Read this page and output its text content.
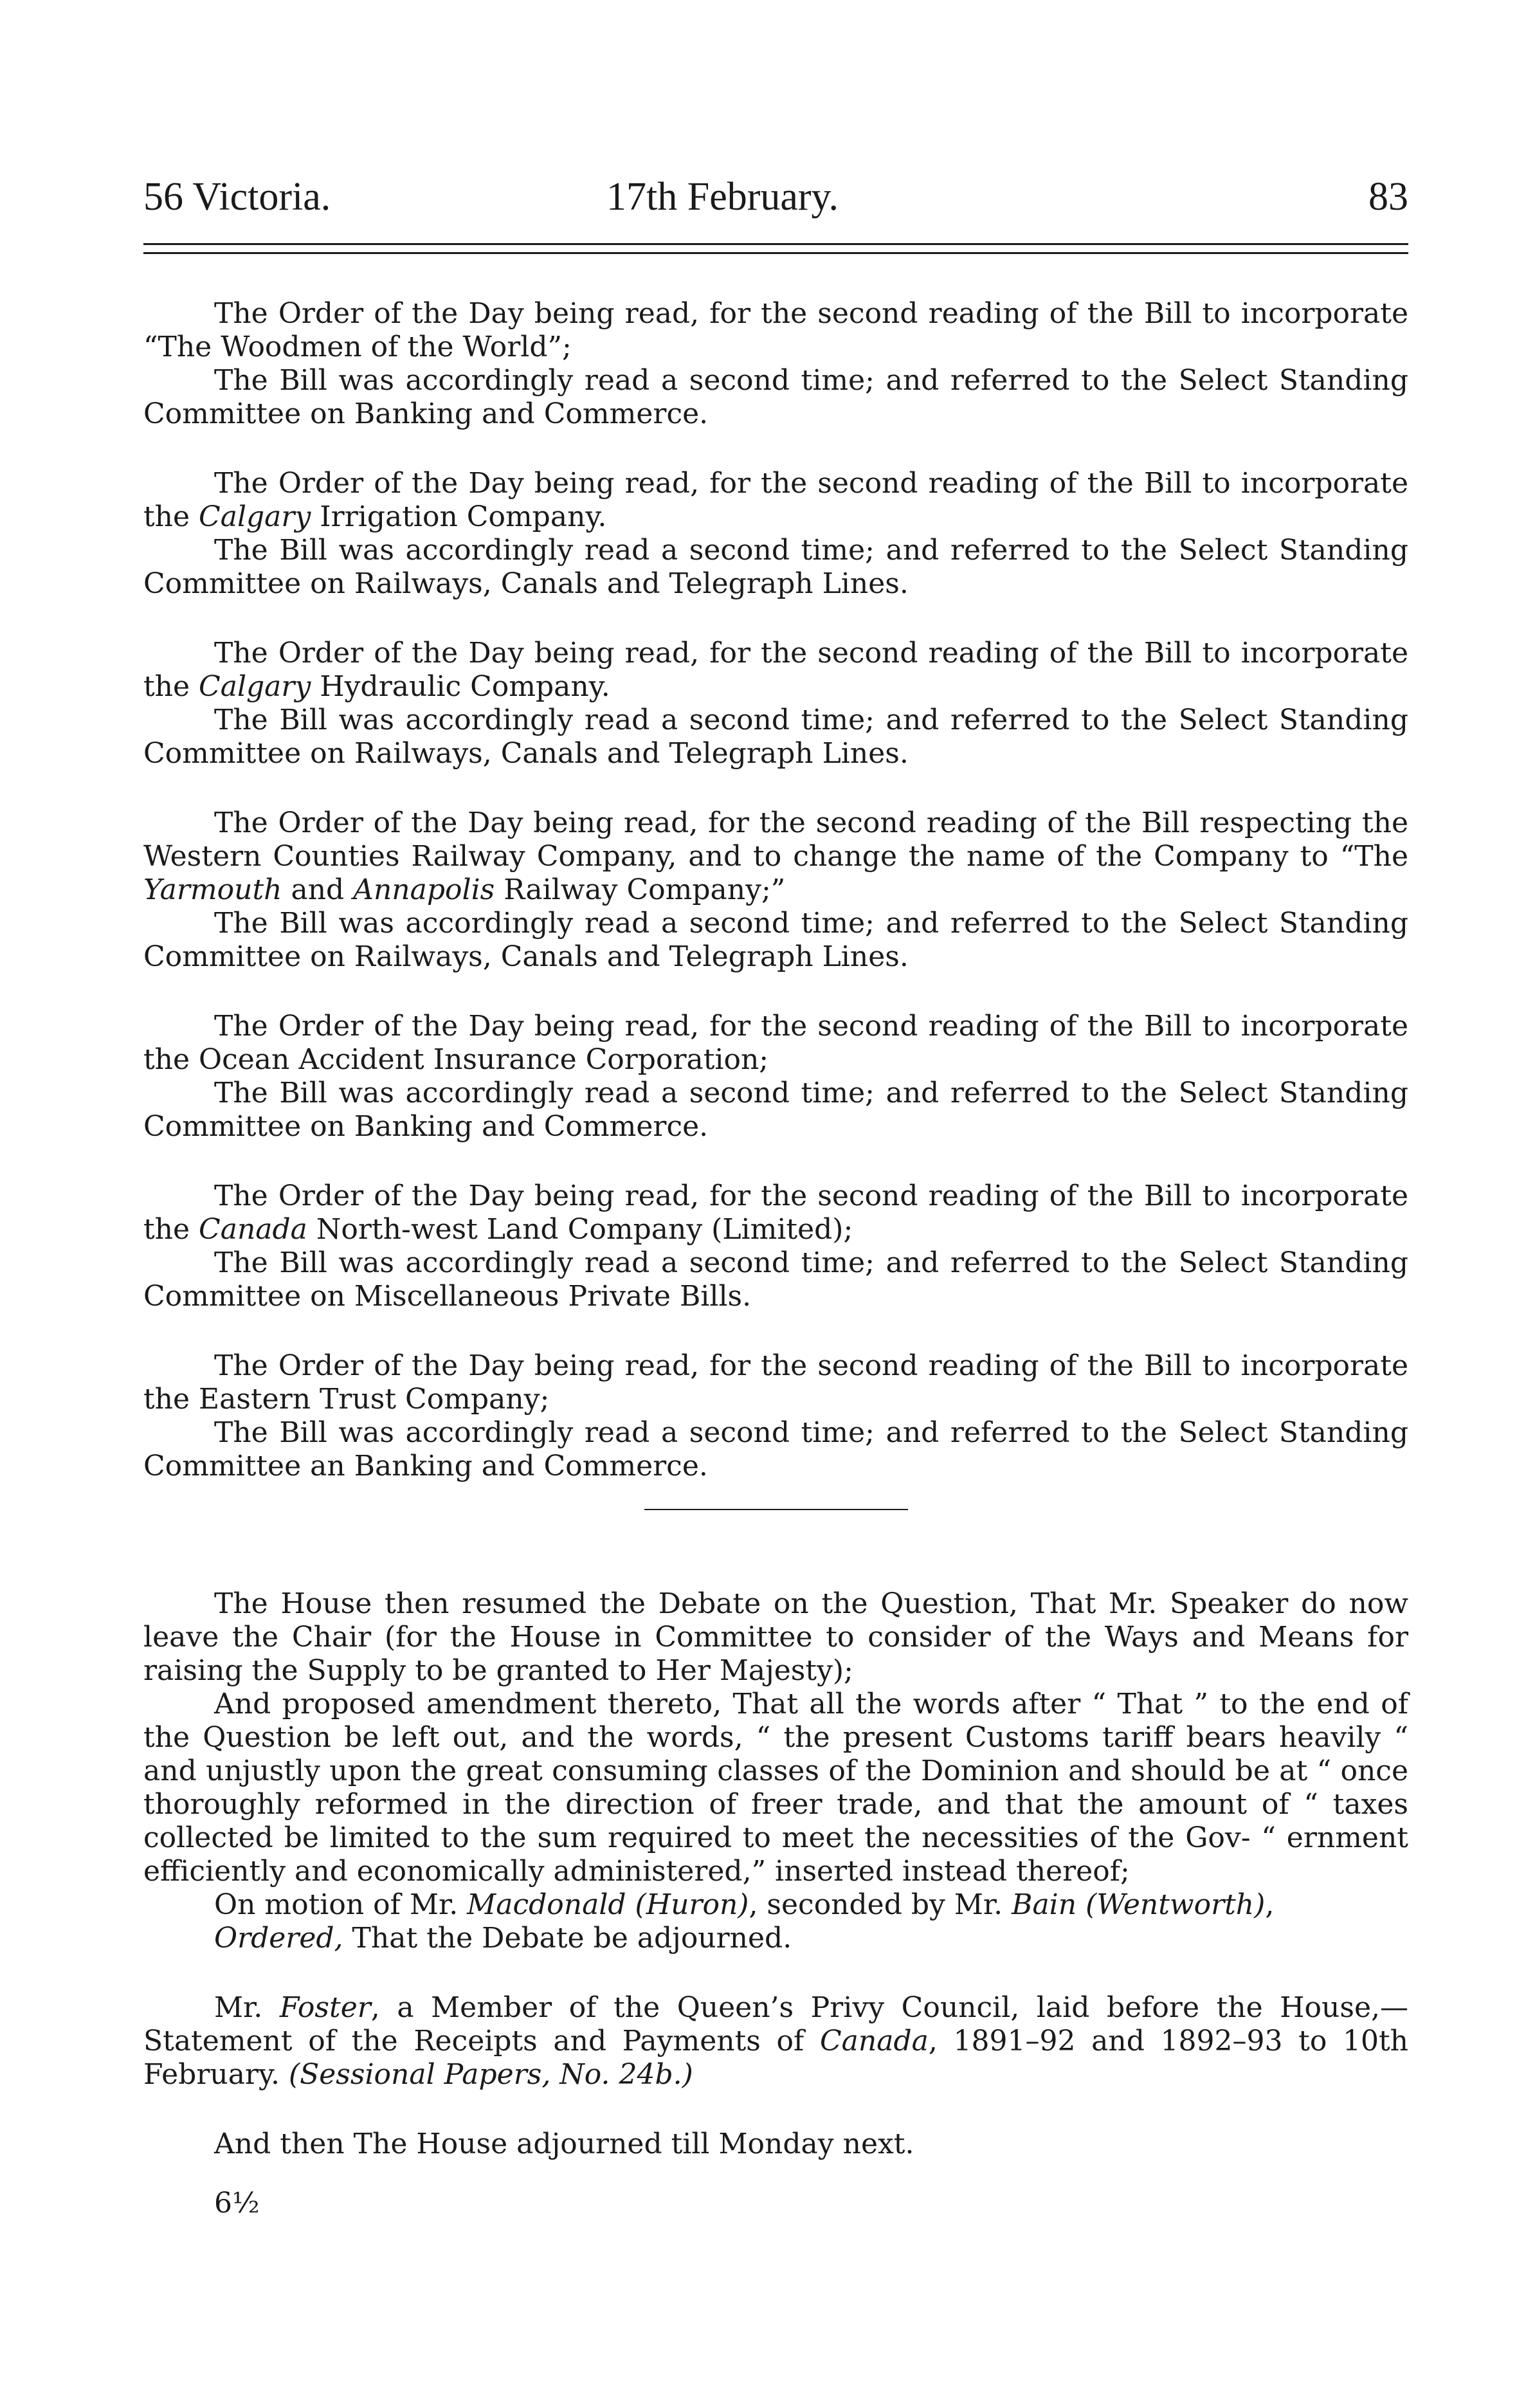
56 Victoria.	17th February.	83

The Order of the Day being read, for the second reading of the Bill to incorporate “The Woodmen of the World”;

The Bill was accordingly read a second time; and referred to the Select Standing Committee on Banking and Commerce.

The Order of the Day being read, for the second reading of the Bill to incorporate the Calgary Irrigation Company.

The Bill was accordingly read a second time; and referred to the Select Standing Committee on Railways, Canals and Telegraph Lines.

The Order of the Day being read, for the second reading of the Bill to incorporate the Calgary Hydraulic Company.

The Bill was accordingly read a second time; and referred to the Select Standing Committee on Railways, Canals and Telegraph Lines.

The Order of the Day being read, for the second reading of the Bill respecting the Western Counties Railway Company, and to change the name of the Company to “The Yarmouth and Annapolis Railway Company;”

The Bill was accordingly read a second time; and referred to the Select Standing Committee on Railways, Canals and Telegraph Lines.

The Order of the Day being read, for the second reading of the Bill to incorporate the Ocean Accident Insurance Corporation;

The Bill was accordingly read a second time; and referred to the Select Standing Committee on Banking and Commerce.

The Order of the Day being read, for the second reading of the Bill to incorporate the Canada North-west Land Company (Limited);

The Bill was accordingly read a second time; and referred to the Select Standing Committee on Miscellaneous Private Bills.

The Order of the Day being read, for the second reading of the Bill to incorporate the Eastern Trust Company;

The Bill was accordingly read a second time; and referred to the Select Standing Committee an Banking and Commerce.

The House then resumed the Debate on the Question, That Mr. Speaker do now leave the Chair (for the House in Committee to consider of the Ways and Means for raising the Supply to be granted to Her Majesty);

And proposed amendment thereto, That all the words after “ That ” to the end of the Question be left out, and the words, “ the present Customs tariff bears heavily “ and unjustly upon the great consuming classes of the Dominion and should be at “ once thoroughly reformed in the direction of freer trade, and that the amount of “ taxes collected be limited to the sum required to meet the necessities of the Gov- “ ernment efficiently and economically administered,” inserted instead thereof;

On motion of Mr. Macdonald (Huron), seconded by Mr. Bain (Wentworth),

Ordered, That the Debate be adjourned.

Mr. Foster, a Member of the Queen’s Privy Council, laid before the House,— Statement of the Receipts and Payments of Canada, 1891–92 and 1892–93 to 10th February. (Sessional Papers, No. 24b.)

And then The House adjourned till Monday next.

6½
